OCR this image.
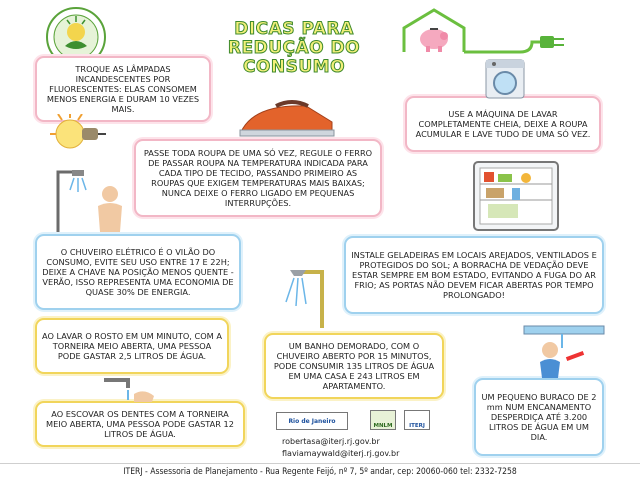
DICAS PARA REDUÇÃO DO CONSUMO
TROQUE AS LÂMPADAS INCANDESCENTES POR FLUORESCENTES: ELAS CONSOMEM MENOS ENERGIA E DURAM 10 VEZES MAIS.	USE A MÁQUINA DE LAVAR COMPLETAMENTE CHEIA, DEIXE A ROUPA ACUMULAR E LAVE TUDO DE UMA SÓ VEZ.
PASSE TODA ROUPA DE UMA SÓ VEZ, REGULE O FERRO DE PASSAR ROUPA NA TEMPERATURA INDICADA PARA CADA TIPO DE TECIDO, PASSANDO PRIMEIRO AS ROUPAS QUE EXIGEM TEMPERATURAS MAIS BAIXAS; NUNCA DEIXE O FERRO LIGADO EM PEQUENAS INTERRUPÇÕES.
O CHUVEIRO ELÉTRICO É O VILÃO DO CONSUMO, EVITE SEU USO ENTRE 17 E 22H; DEIXE A CHAVE NA POSIÇÃO MENOS QUENTE - VERÃO, ISSO REPRESENTA UMA ECONOMIA DE QUASE 30% DE ENERGIA.
INSTALE GELADEIRAS EM LOCAIS AREJADOS, VENTILADOS E PROTEGIDOS DO SOL; A BORRACHA DE VEDAÇÃO DEVE ESTAR SEMPRE EM BOM ESTADO, EVITANDO A FUGA DO AR FRIO; AS PORTAS NÃO DEVEM FICAR ABERTAS POR TEMPO PROLONGADO!
AO LAVAR O ROSTO EM UM MINUTO, COM A TORNEIRA MEIO ABERTA, UMA PESSOA PODE GASTAR 2,5 LITROS DE ÁGUA.
UM BANHO DEMORADO, COM O CHUVEIRO ABERTO POR 15 MINUTOS, PODE CONSUMIR 135 LITROS DE ÁGUA EM UMA CASA E 243 LITROS EM APARTAMENTO.
AO ESCOVAR OS DENTES COM A TORNEIRA MEIO ABERTA, UMA PESSOA PODE GASTAR 12 LITROS DE ÁGUA.
UM PEQUENO BURACO DE 2 mm NUM ENCANAMENTO DESPERDIÇA ATÉ 3.200 LITROS DE ÁGUA EM UM DIA.
Rio de Janeiro
MNLM	ITERJ
robertasa@iterj.rj.gov.br
flaviamaywald@iterj.rj.gov.br
ITERJ - Assessoria de Planejamento - Rua Regente Feijó, nº 7, 5º andar, cep: 20060-060 tel: 2332-7258
